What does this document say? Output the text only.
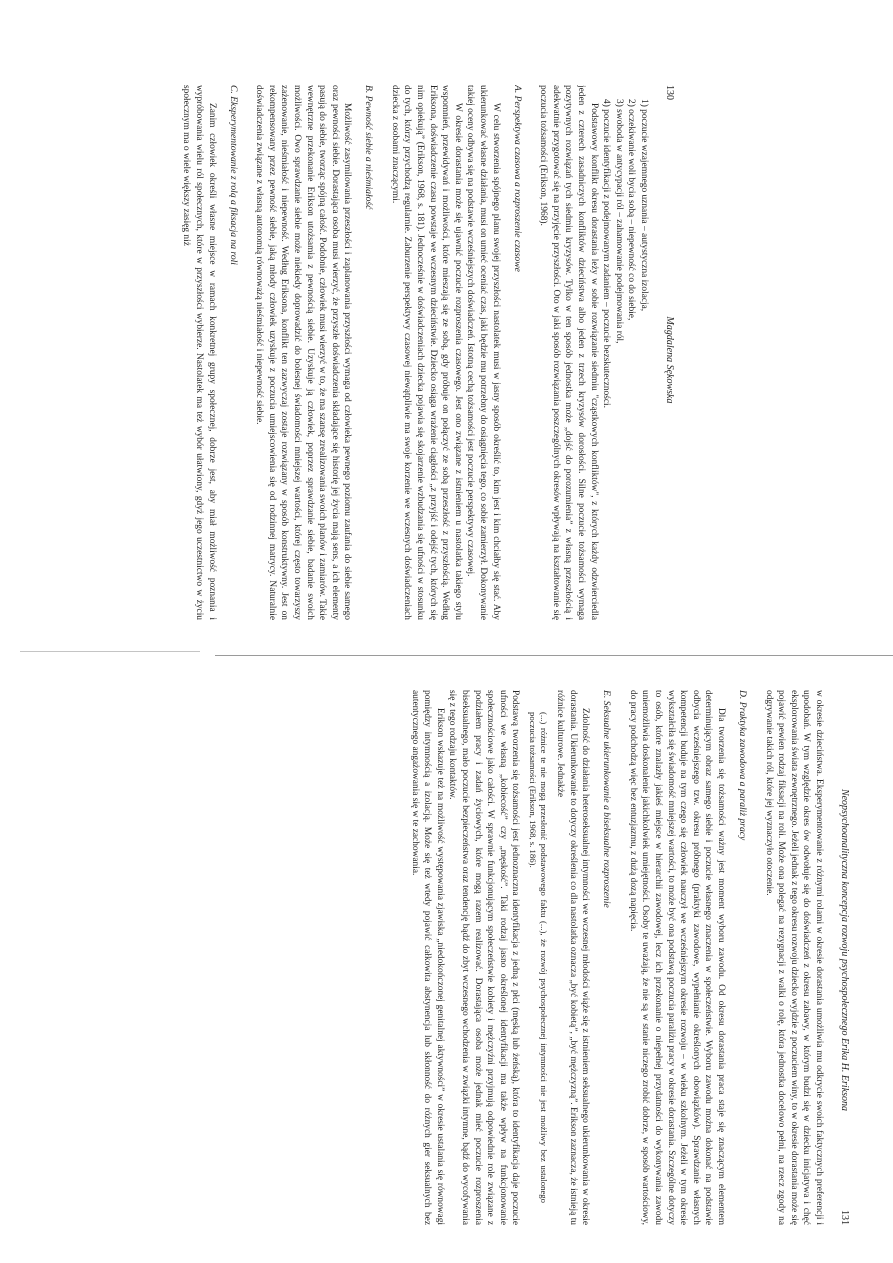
130
Magdalena Sękowska

1) poczucie wzajemnego uznania – autystyczna izolacja,

2) oczekiwanie woli bycia sobą – niepewność co do siebie,

3) swoboda w antycypacji ról – zahamowanie podejmowania ról,

4) poczucie identyfikacji z podejmowanym zadaniem – poczucie bezskuteczności.

Podstawowy konflikt okresu dorastania leży w sobie rozwiązanie siedmiu "cząstkowych konfliktów", z których każdy odzwierciedla jeden z czterech zasadniczych konfliktów dzieciństwa albo jeden z trzech kryzysów dorosłości. Silne poczucie tożsamości wymaga pozytywnych rozwiązań tych siedmiu kryzysów. Tylko w ten sposób jednostka może „dojść do porozumienia” z własną przeszłością i adekwatnie przygotować się na przyjęcie przyszłości. Oto w jaki sposób rozwiązania poszczególnych okresów wpływają na kształtowanie się poczucia tożsamości (Erikson, 1968).

A. Perspektywa czasowa a rozproszenie czasowe

W celu stworzenia spójnego planu swojej przyszłości nastolatek musi w jasny sposób określić to, kim jest i kim chciałby się stać. Aby ukierunkować własne działania, musi on umieć oceniać czas, jaki będzie mu potrzebny do osiągnięcia tego, co sobie zamierzył. Dokonywanie takiej oceny odbywa się na podstawie wcześniejszych doświadczeń. Istotną cechą tożsamości jest poczucie perspektywy czasowej.

W okresie dorastania może się ujawnić poczucie rozproszenia czasowego. Jest ono związane z istnieniem u nastolatka takiego stylu wspomnień, przewidywań i możliwości, które mieszają się ze sobą, gdy próbuje on połączyć ze sobą przeszłość z przyszłością. Według Eriksona, doświadczenie czasu powstaje we wczesnym dzieciństwie. Dziecko osiąga wrażenie ciągłości „z przyjść i odejść tych, których się nim opiekują” (Erikson, 1968, s. 181). Jednocześnie w doświadczeniach dziecka pojawia się skojarzenie wzbudzania się ufności w stosunku do tych, którzy przychodzą regularnie. Zaburzenie perspektywy czasowej niewątpliwie ma swoje korzenie we wczesnych doświadczeniach dziecka z osobami znaczącymi.

B. Pewność siebie a nieśmiałość

Możliwość zasymilowania przeszłości i zaplanowania przyszłości wymaga od człowieka pewnego poziomu zaufania do siebie samego oraz pewności siebie. Dorastająca osoba musi wierzyć, że przyszłe doświadczenia składające się historię jej życia mają sens, a ich elementy pasują do siebie, tworząc spójną całość. Podobnie, człowiek musi wierzyć w to, że ma szansę zrealizowania swoich planów i zamiarów. Takie wewnętrzne przekonanie Erikson utożsamia z pewnością siebie. Uzyskuje ją człowiek, poprzez sprawdzanie siebie, badanie swoich możliwości. Owo sprawdzanie siebie może niekiedy doprowadzić do bolesnej świadomości mniejszej wartości, której często towarzyszy zażenowanie, nieśmiałość i niepewność. Według Eriksona, konflikt ten zazwyczaj zostaje rozwiązany w sposób konstruktywny. Jest on rekompensowany przez pewność siebie, jaką młody człowiek uzyskuje z poczucia umiejscowienia się od rodzinnej matrycy. Naturalnie doświadczenia związane z własną autonomią równoważą nieśmiałość i niepewność siebie.

C. Eksperymentowanie z rolą a fiksacja na roli

Zanim człowiek określi własne miejsce w ramach konkretnej grupy społecznej, dobrze jest, aby miał możliwość poznania i wypróbowania wielu ról społecznych, które w przyszłości wybierze. Nastolatek ma też wybór ułatwiony, gdyż jego uczestnictwo w życiu społecznym ma o wiele większy zasięg niż

Neopsychoanalityczna koncepcja rozwoju psychospołecznego Erika H. Eriksona
131

w okresie dzieciństwa. Eksperymentowanie z różnymi rolami w okresie dorastania umożliwia mu odkrycie swoich faktycznych preferencji i upodobań. W tym względzie okres ów odwołuje się do doświadczeń z okresu zabawy, w którym budzi się w dziecku inicjatywa i chęć eksplorowania świata zewnętrznego. Jeżeli jednak z tego okresu rozwoju dziecko wyjdzie z poczuciem winy, to w okresie dorastania może się pojawić pewien rodzaj fiksacji na roli. Może ona polegać na rezygnacji z walki o rolę, która jednostka docelowo pełni, na rzecz zgody na odgrywanie takich ról, które jej wyznaczyło otoczenie.

D. Praktyka zawodowa a paraliż pracy

Dla tworzenia się tożsamości ważny jest moment wyboru zawodu. Od okresu dorastania praca staje się znaczącym elementem determinującym obraz samego siebie i poczucie własnego znaczenia w społeczeństwie. Wyboru zawodu można dokonać na podstawie odbycia wcześniejszego tzw. okresu próbnego (praktyki zawodowe, wypełnianie określonych obowiązków). Sprawdzanie własnych kompetencji buduje na tym czego się człowiek nauczył we wcześniejszym okresie rozwoju – w wieku szkolnym. Jeżeli w tym okresie wykształciła się świadomość mniejszej wartości, to może być ona podstawą poczucia paraliżu pracy w okresie dorastania. Szczególne dotyczy to osób, które znalazły jakieś miejsce w hierarchii zawodowej, lecz ich przekonanie o niepełnej przydatności do wykonywania zawodu uniemożliwia doskonalenie jakichkolwiek umiejętności. Osoby te uważają, że nie są w stanie niczego zrobić dobrze, w sposób wartościowy, do pracy podchodzą więc bez entuzjazmu, z dużą dozą napięcia.

E. Seksualne ukierunkowanie a biseksualne rozproszenie

Zdolność do działania heteroseksualnej intymności we wczesnej młodości wiąże się z istnieniem seksualnego ukierunkowania w okresie dorastania. Ukierunkowanie to dotyczy określenia co dla nastolatka oznacza „być kobietą”, „być mężczyzną”. Erikson zaznacza, że istnieją tu różnice kulturowe. Jednakże

(...) różnice te nie mogą przesłonić podstawowego faktu (...), że rozwój psychospołecznej intymności nie jest możliwy bez ustalonego poczucia tożsamości (Erikson, 1968, s. 186).

Podstawą tworzenia się tożsamości jest jednoznaczna identyfikacja z jedną z płci (męską lub żeńską), która to identyfikacja daje poczucie ufności we własną „kobiecość” czy „męskość”. Taki rodzaj jasno określonej identyfikacji ma także wpływ na funkcjonowanie społecznościowe jako całości. W sprawnie funkcjonującym społeczeństwie kobiety i mężczyźni przyjmują odpowiednie role związane z podziałem pracy i zadań życiowych, które mogą razem realizować. Dorastająca osoba może jednak mieć poczucie rozproszenia biseksualnego, mało poczucie bezpieczeństwa oraz tendencję bądź do zbyt wczesnego wchodzenia w związki intymne, bądź do wycofywania się z tego rodzaju kontaktów.

Erikson wskazuje też na możliwość występowania zjawiska „niedokończonej genitalnej aktywności” w okresie ustalania się równowagi pomiędzy intymnością a izolacją. Może się też wtedy pojawić całkowita abstynencja lub skłonność do różnych gier seksualnych bez autentycznego angażowania się w te zachowania.
